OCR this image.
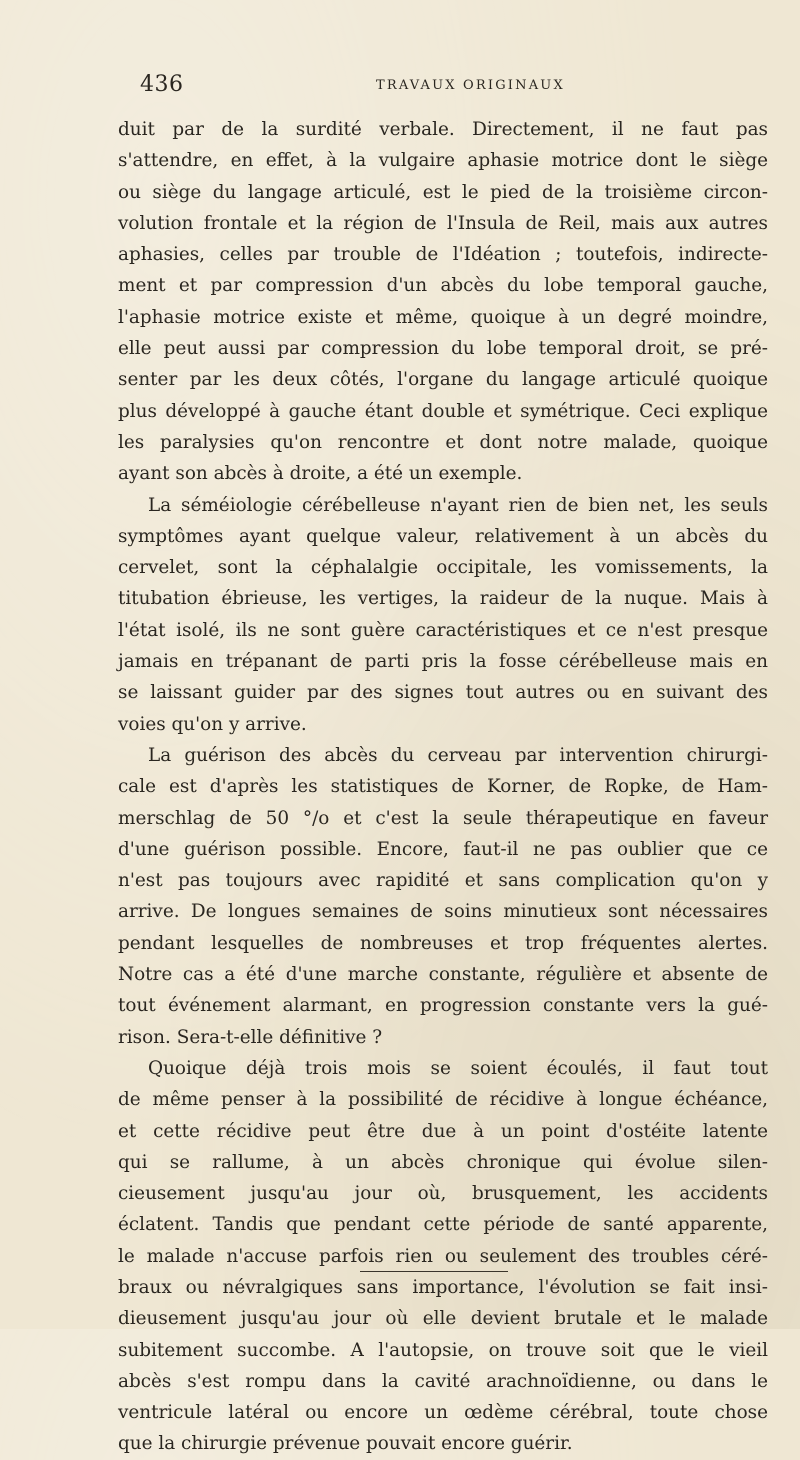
436	TRAVAUX ORIGINAUX

duit par de la surdité verbale. Directement, il ne faut pas
s'attendre, en effet, à la vulgaire aphasie motrice dont le siège
ou siège du langage articulé, est le pied de la troisième circon-
volution frontale et la région de l'Insula de Reil, mais aux autres
aphasies, celles par trouble de l'Idéation ; toutefois, indirecte-
ment et par compression d'un abcès du lobe temporal gauche,
l'aphasie motrice existe et même, quoique à un degré moindre,
elle peut aussi par compression du lobe temporal droit, se pré-
senter par les deux côtés, l'organe du langage articulé quoique
plus développé à gauche étant double et symétrique. Ceci explique
les paralysies qu'on rencontre et dont notre malade, quoique
ayant son abcès à droite, a été un exemple.

La séméiologie cérébelleuse n'ayant rien de bien net, les seuls
symptômes ayant quelque valeur, relativement à un abcès du
cervelet, sont la céphalalgie occipitale, les vomissements, la
titubation ébrieuse, les vertiges, la raideur de la nuque. Mais à
l'état isolé, ils ne sont guère caractéristiques et ce n'est presque
jamais en trépanant de parti pris la fosse cérébelleuse mais en
se laissant guider par des signes tout autres ou en suivant des
voies qu'on y arrive.

La guérison des abcès du cerveau par intervention chirurgi-
cale est d'après les statistiques de Korner, de Ropke, de Ham-
merschlag de 50 °/o et c'est la seule thérapeutique en faveur
d'une guérison possible. Encore, faut-il ne pas oublier que ce
n'est pas toujours avec rapidité et sans complication qu'on y
arrive. De longues semaines de soins minutieux sont nécessaires
pendant lesquelles de nombreuses et trop fréquentes alertes.
Notre cas a été d'une marche constante, régulière et absente de
tout événement alarmant, en progression constante vers la gué-
rison. Sera-t-elle définitive ?

Quoique déjà trois mois se soient écoulés, il faut tout
de même penser à la possibilité de récidive à longue échéance,
et cette récidive peut être due à un point d'ostéite latente
qui se rallume, à un abcès chronique qui évolue silen-
cieusement jusqu'au jour où, brusquement, les accidents
éclatent. Tandis que pendant cette période de santé apparente,
le malade n'accuse parfois rien ou seulement des troubles céré-
braux ou névralgiques sans importance, l'évolution se fait insi-
dieusement jusqu'au jour où elle devient brutale et le malade
subitement succombe. A l'autopsie, on trouve soit que le vieil
abcès s'est rompu dans la cavité arachnoïdienne, ou dans le
ventricule latéral ou encore un œdème cérébral, toute chose
que la chirurgie prévenue pouvait encore guérir.
